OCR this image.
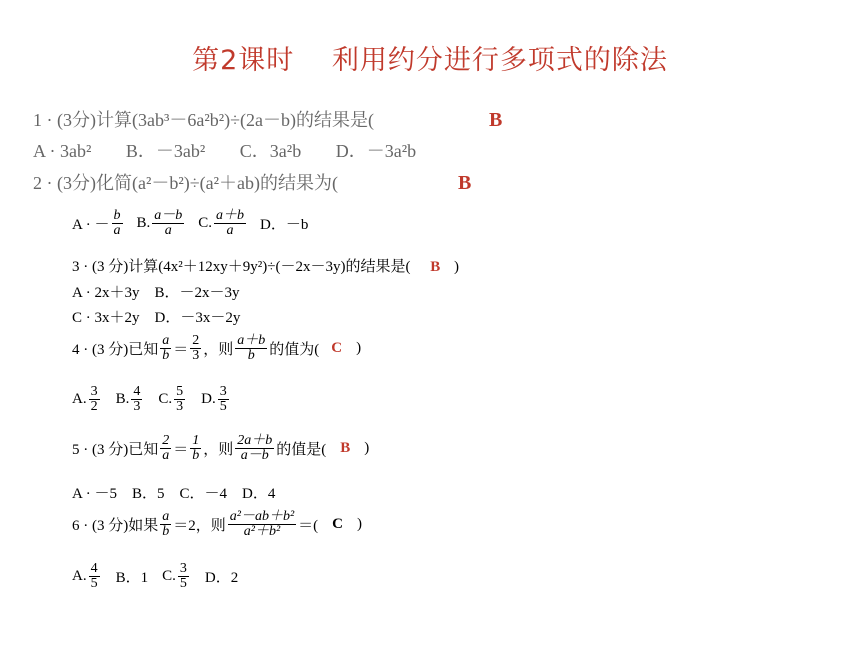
第2课时　 利用约分进行多项式的除法
1 · (3分)计算(3ab³－6a²b²)÷(2a－b)的结果是(	B
A · 3ab² B．－3ab² C．3a²b D．－3a²b
2 · (3分)化简(a²－b²)÷(a²＋ab)的结果为(	B
A · － $\frac{b}{a} B$. $\frac{a-b}{a} C$. $\frac{a+b}{a}$ D．－b
3 · (3 分)计算(4x²＋12xy＋9y²)÷(－2x－3y)的结果是( B )
A · 2x＋3y　B．－2x－3y
C · 3x＋2y　D．－3x－2y
4 · (3 分)已知 $\frac{a}{b} = \frac{2}{3}$ ，则 $\frac{a+b}{b}$ 的值为( C )
A. $\frac{3}{2} B$. $\frac{4}{3} C$. $\frac{5}{3} D$. $\frac{3}{5}$
5 · (3 分)已知 $\frac{2}{a} = \frac{1}{b}$ ，则 $\frac{2a+b}{a-b}$ 的值是( B )
A · －5　B．5　C．－4　D．4
6 · (3 分)如果 $\frac{a}{b} =2$，则 $\frac{\text{a²－ab＋b²}}{\text{a²＋b²}}$ ＝( C )
A. $\frac{4}{5}$ B．1 C. $\frac{3}{5}$ D．2
